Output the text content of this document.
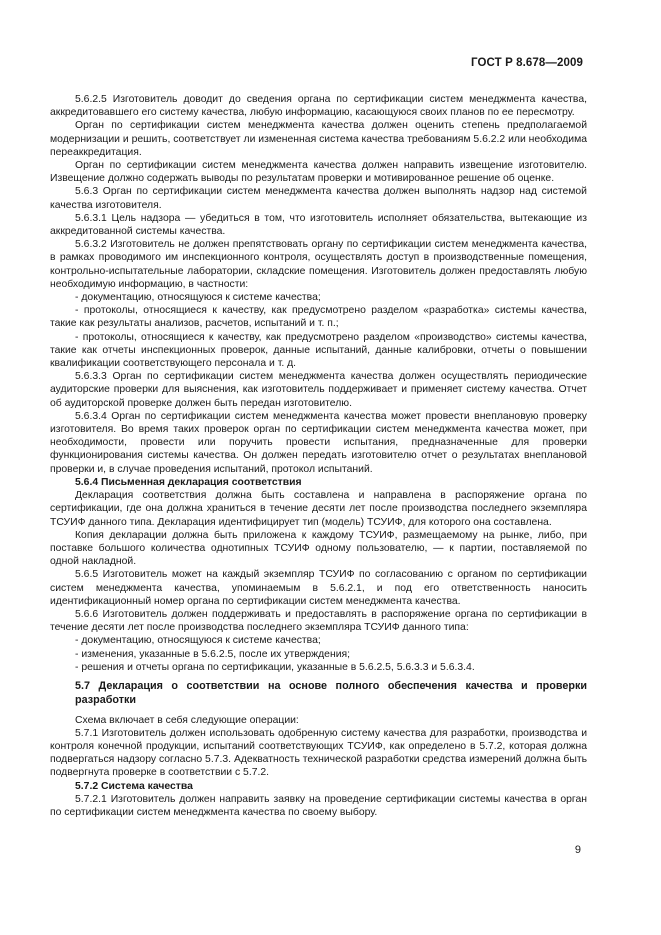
ГОСТ Р 8.678—2009

5.6.2.5 Изготовитель доводит до сведения органа по сертификации систем менеджмента качества, аккредитовавшего его систему качества, любую информацию, касающуюся своих планов по ее пересмотру.

Орган по сертификации систем менеджмента качества должен оценить степень предполагаемой модернизации и решить, соответствует ли измененная система качества требованиям 5.6.2.2 или необходима переаккредитация.

Орган по сертификации систем менеджмента качества должен направить извещение изготовителю. Извещение должно содержать выводы по результатам проверки и мотивированное решение об оценке.

5.6.3 Орган по сертификации систем менеджмента качества должен выполнять надзор над системой качества изготовителя.

5.6.3.1 Цель надзора — убедиться в том, что изготовитель исполняет обязательства, вытекающие из аккредитованной системы качества.

5.6.3.2 Изготовитель не должен препятствовать органу по сертификации систем менеджмента качества, в рамках проводимого им инспекционного контроля, осуществлять доступ в производственные помещения, контрольно-испытательные лаборатории, складские помещения. Изготовитель должен предоставлять любую необходимую информацию, в частности:

- документацию, относящуюся к системе качества;

- протоколы, относящиеся к качеству, как предусмотрено разделом «разработка» системы качества, такие как результаты анализов, расчетов, испытаний и т. п.;

- протоколы, относящиеся к качеству, как предусмотрено разделом «производство» системы качества, такие как отчеты инспекционных проверок, данные испытаний, данные калибровки, отчеты о повышении квалификации соответствующего персонала и т. д.

5.6.3.3 Орган по сертификации систем менеджмента качества должен осуществлять периодические аудиторские проверки для выяснения, как изготовитель поддерживает и применяет систему качества. Отчет об аудиторской проверке должен быть передан изготовителю.

5.6.3.4 Орган по сертификации систем менеджмента качества может провести внеплановую проверку изготовителя. Во время таких проверок орган по сертификации систем менеджмента качества может, при необходимости, провести или поручить провести испытания, предназначенные для проверки функционирования системы качества. Он должен передать изготовителю отчет о результатах внеплановой проверки и, в случае проведения испытаний, протокол испытаний.

5.6.4 Письменная декларация соответствия

Декларация соответствия должна быть составлена и направлена в распоряжение органа по сертификации, где она должна храниться в течение десяти лет после производства последнего экземпляра ТСУИФ данного типа. Декларация идентифицирует тип (модель) ТСУИФ, для которого она составлена.

Копия декларации должна быть приложена к каждому ТСУИФ, размещаемому на рынке, либо, при поставке большого количества однотипных ТСУИФ одному пользователю, — к партии, поставляемой по одной накладной.

5.6.5 Изготовитель может на каждый экземпляр ТСУИФ по согласованию с органом по сертификации систем менеджмента качества, упоминаемым в 5.6.2.1, и под его ответственность наносить идентификационный номер органа по сертификации систем менеджмента качества.

5.6.6 Изготовитель должен поддерживать и предоставлять в распоряжение органа по сертификации в течение десяти лет после производства последнего экземпляра ТСУИФ данного типа:

- документацию, относящуюся к системе качества;

- изменения, указанные в 5.6.2.5, после их утверждения;

- решения и отчеты органа по сертификации, указанные в 5.6.2.5, 5.6.3.3 и 5.6.3.4.

5.7 Декларация о соответствии на основе полного обеспечения качества и проверки разработки

Схема включает в себя следующие операции:

5.7.1 Изготовитель должен использовать одобренную систему качества для разработки, производства и контроля конечной продукции, испытаний соответствующих ТСУИФ, как определено в 5.7.2, которая должна подвергаться надзору согласно 5.7.3. Адекватность технической разработки средства измерений должна быть подвергнута проверке в соответствии с 5.7.2.

5.7.2 Система качества

5.7.2.1 Изготовитель должен направить заявку на проведение сертификации системы качества в орган по сертификации систем менеджмента качества по своему выбору.

9
